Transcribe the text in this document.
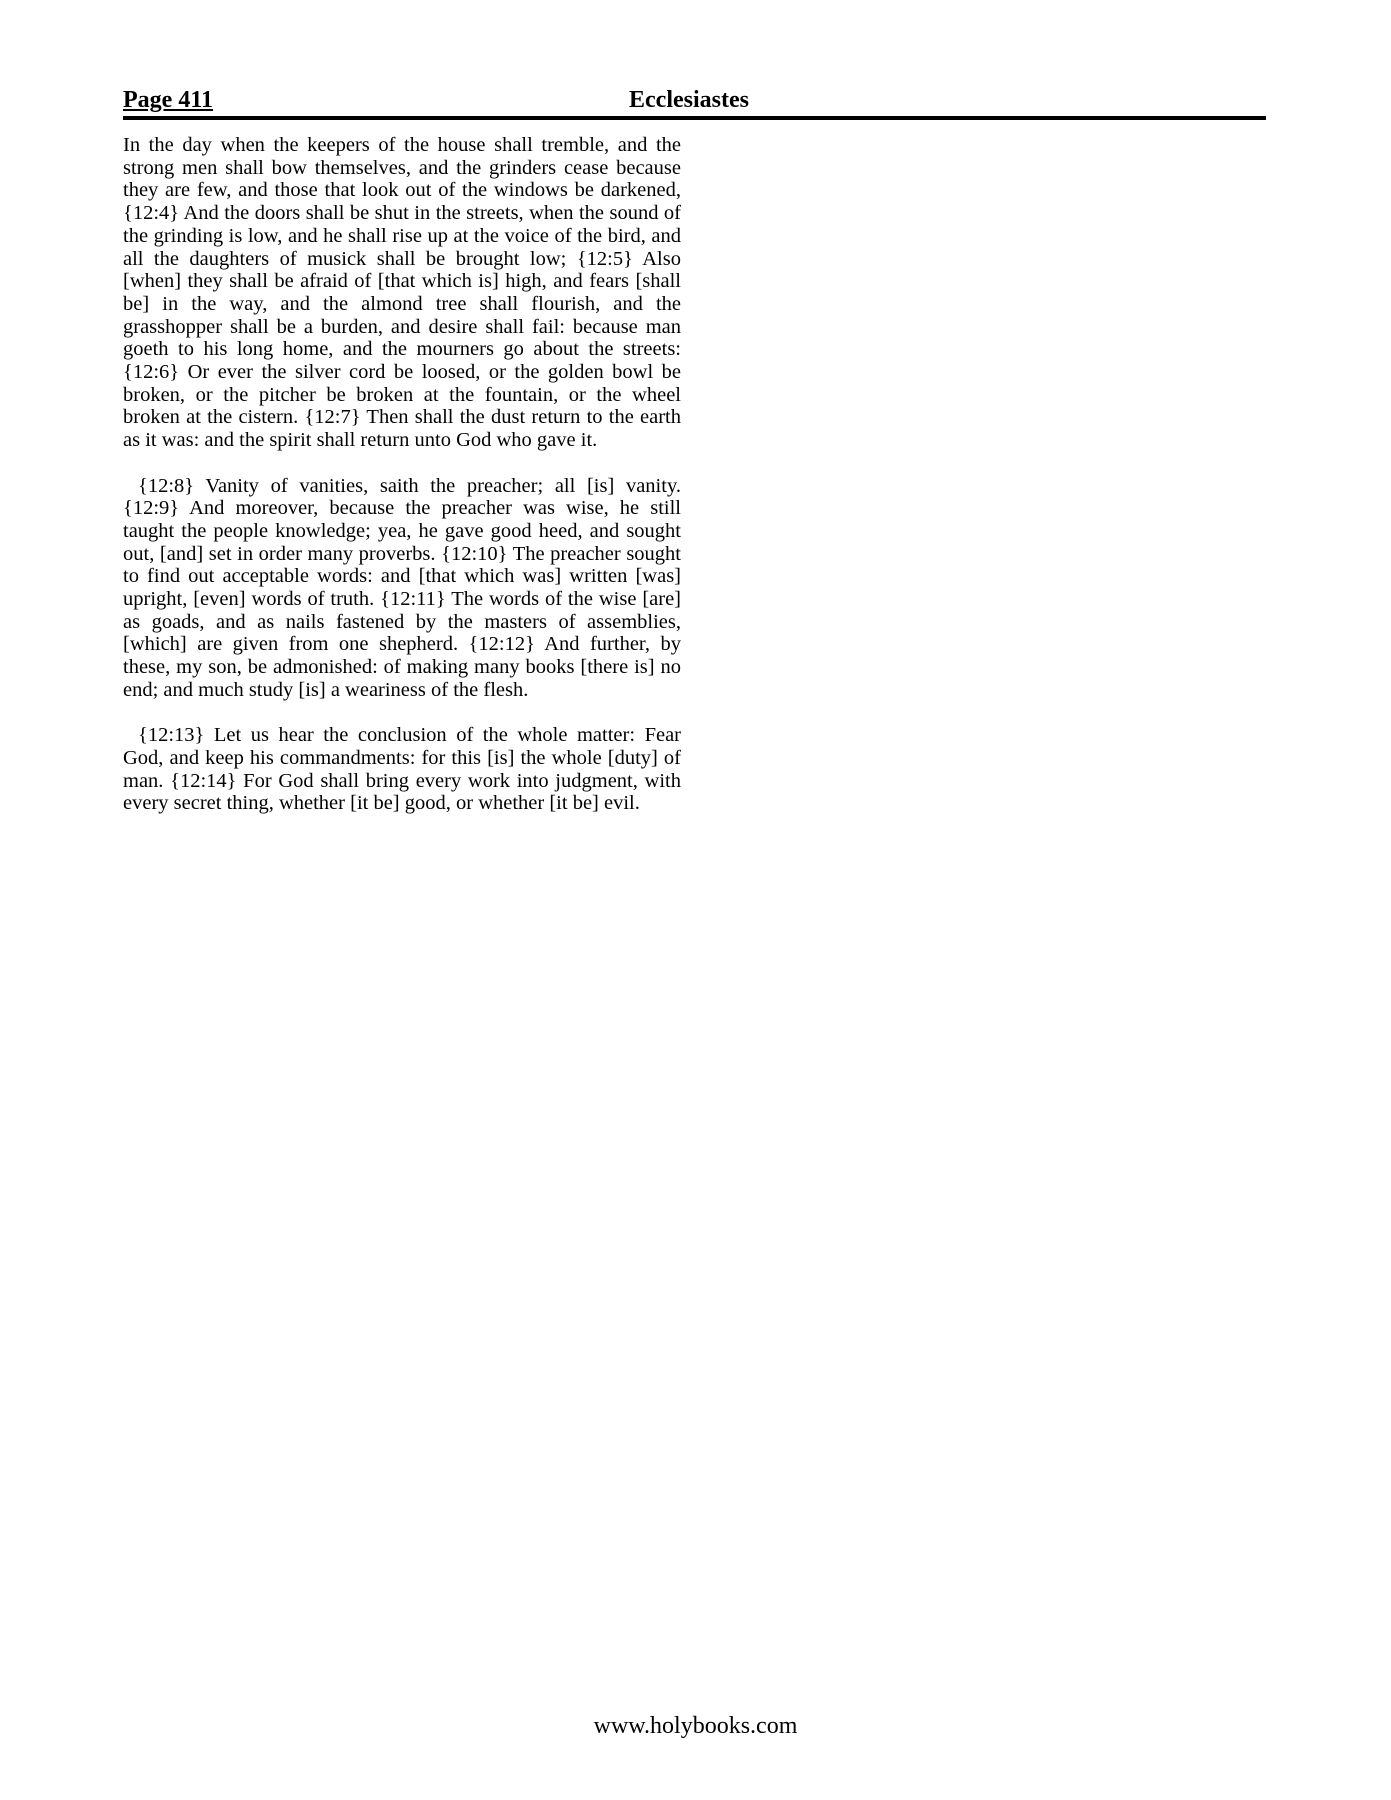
Page 411	Ecclesiastes

In the day when the keepers of the house shall tremble, and the strong men shall bow themselves, and the grinders cease because they are few, and those that look out of the windows be darkened, {12:4} And the doors shall be shut in the streets, when the sound of the grinding is low, and he shall rise up at the voice of the bird, and all the daughters of musick shall be brought low; {12:5} Also [when] they shall be afraid of [that which is] high, and fears [shall be] in the way, and the almond tree shall flourish, and the grasshopper shall be a burden, and desire shall fail: because man goeth to his long home, and the mourners go about the streets: {12:6} Or ever the silver cord be loosed, or the golden bowl be broken, or the pitcher be broken at the fountain, or the wheel broken at the cistern. {12:7} Then shall the dust return to the earth as it was: and the spirit shall return unto God who gave it.

{12:8} Vanity of vanities, saith the preacher; all [is] vanity. {12:9} And moreover, because the preacher was wise, he still taught the people knowledge; yea, he gave good heed, and sought out, [and] set in order many proverbs. {12:10} The preacher sought to find out acceptable words: and [that which was] written [was] upright, [even] words of truth. {12:11} The words of the wise [are] as goads, and as nails fastened by the masters of assemblies, [which] are given from one shepherd. {12:12} And further, by these, my son, be admonished: of making many books [there is] no end; and much study [is] a weariness of the flesh.

{12:13} Let us hear the conclusion of the whole matter: Fear God, and keep his commandments: for this [is] the whole [duty] of man. {12:14} For God shall bring every work into judgment, with every secret thing, whether [it be] good, or whether [it be] evil.

www.holybooks.com
